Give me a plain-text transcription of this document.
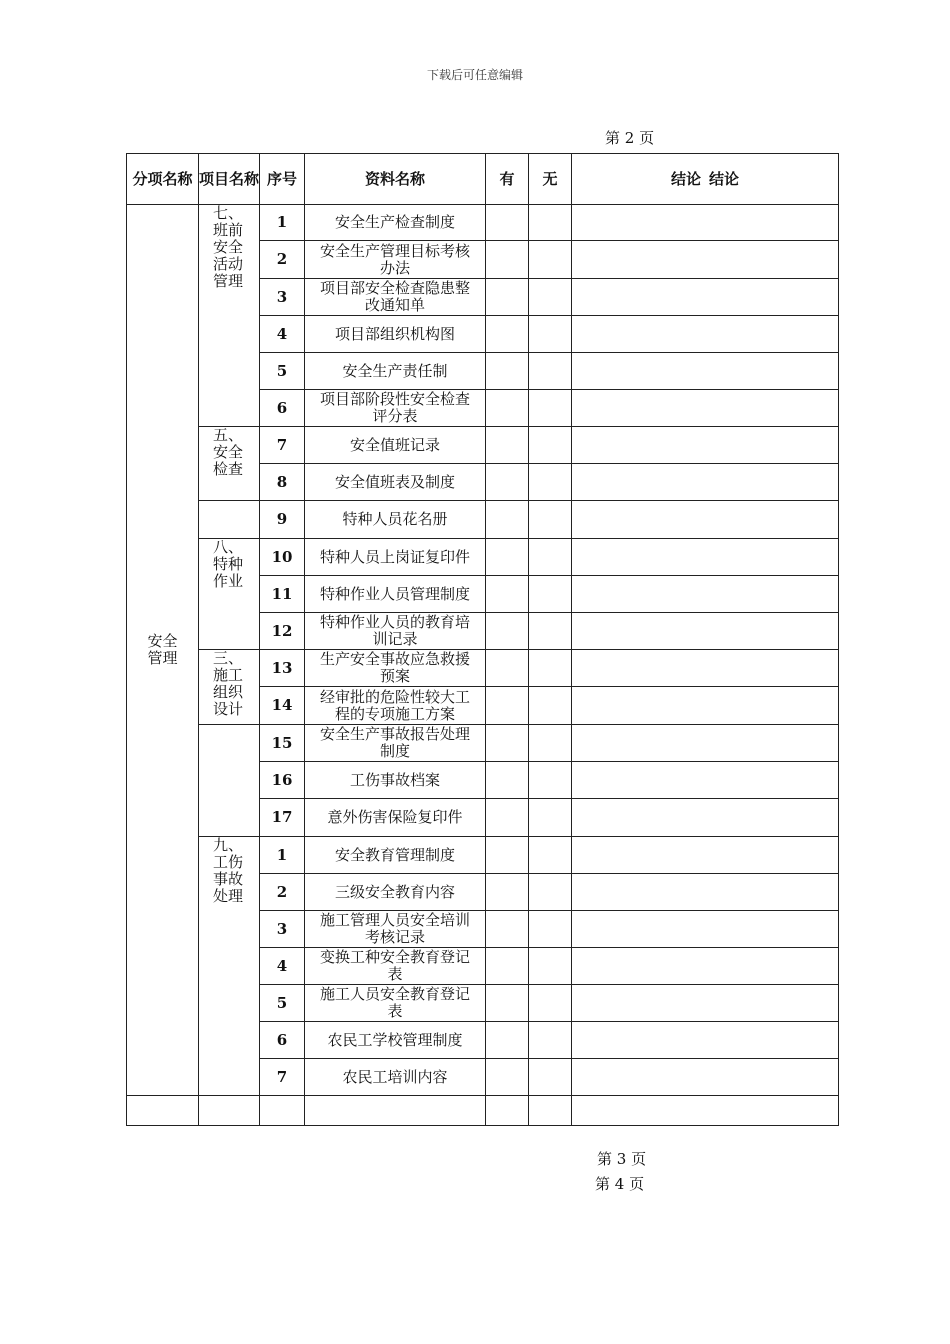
下载后可任意编辑
第 2 页
分项名称	项目名称	序号	资料名称	有	无	结论 结论

安全管理	七、班前安全活动管理	1	安全生产检查制度			
		2	安全生产管理目标考核办法			
		3	项目部安全检查隐患整改通知单			
		4	项目部组织机构图			
		5	安全生产责任制			
		6	项目部阶段性安全检查评分表			

	五、安全检查	7	安全值班记录			
		8	安全值班表及制度			
		9	特种人员花名册			

	八、特种作业	10	特种人员上岗证复印件			
		11	特种作业人员管理制度			
		12	特种作业人员的教育培训记录			

	三、施工组织设计	13	生产安全事故应急救援预案			
		14	经审批的危险性较大工程的专项施工方案			
		15	安全生产事故报告处理制度			
		16	工伤事故档案			
		17	意外伤害保险复印件			

	九、工伤事故处理	1	安全教育管理制度			
		2	三级安全教育内容			
		3	施工管理人员安全培训考核记录			
		4	变换工种安全教育登记表			
		5	施工人员安全教育登记表			
		6	农民工学校管理制度			
		7	农民工培训内容			

第 3 页
第 4 页
